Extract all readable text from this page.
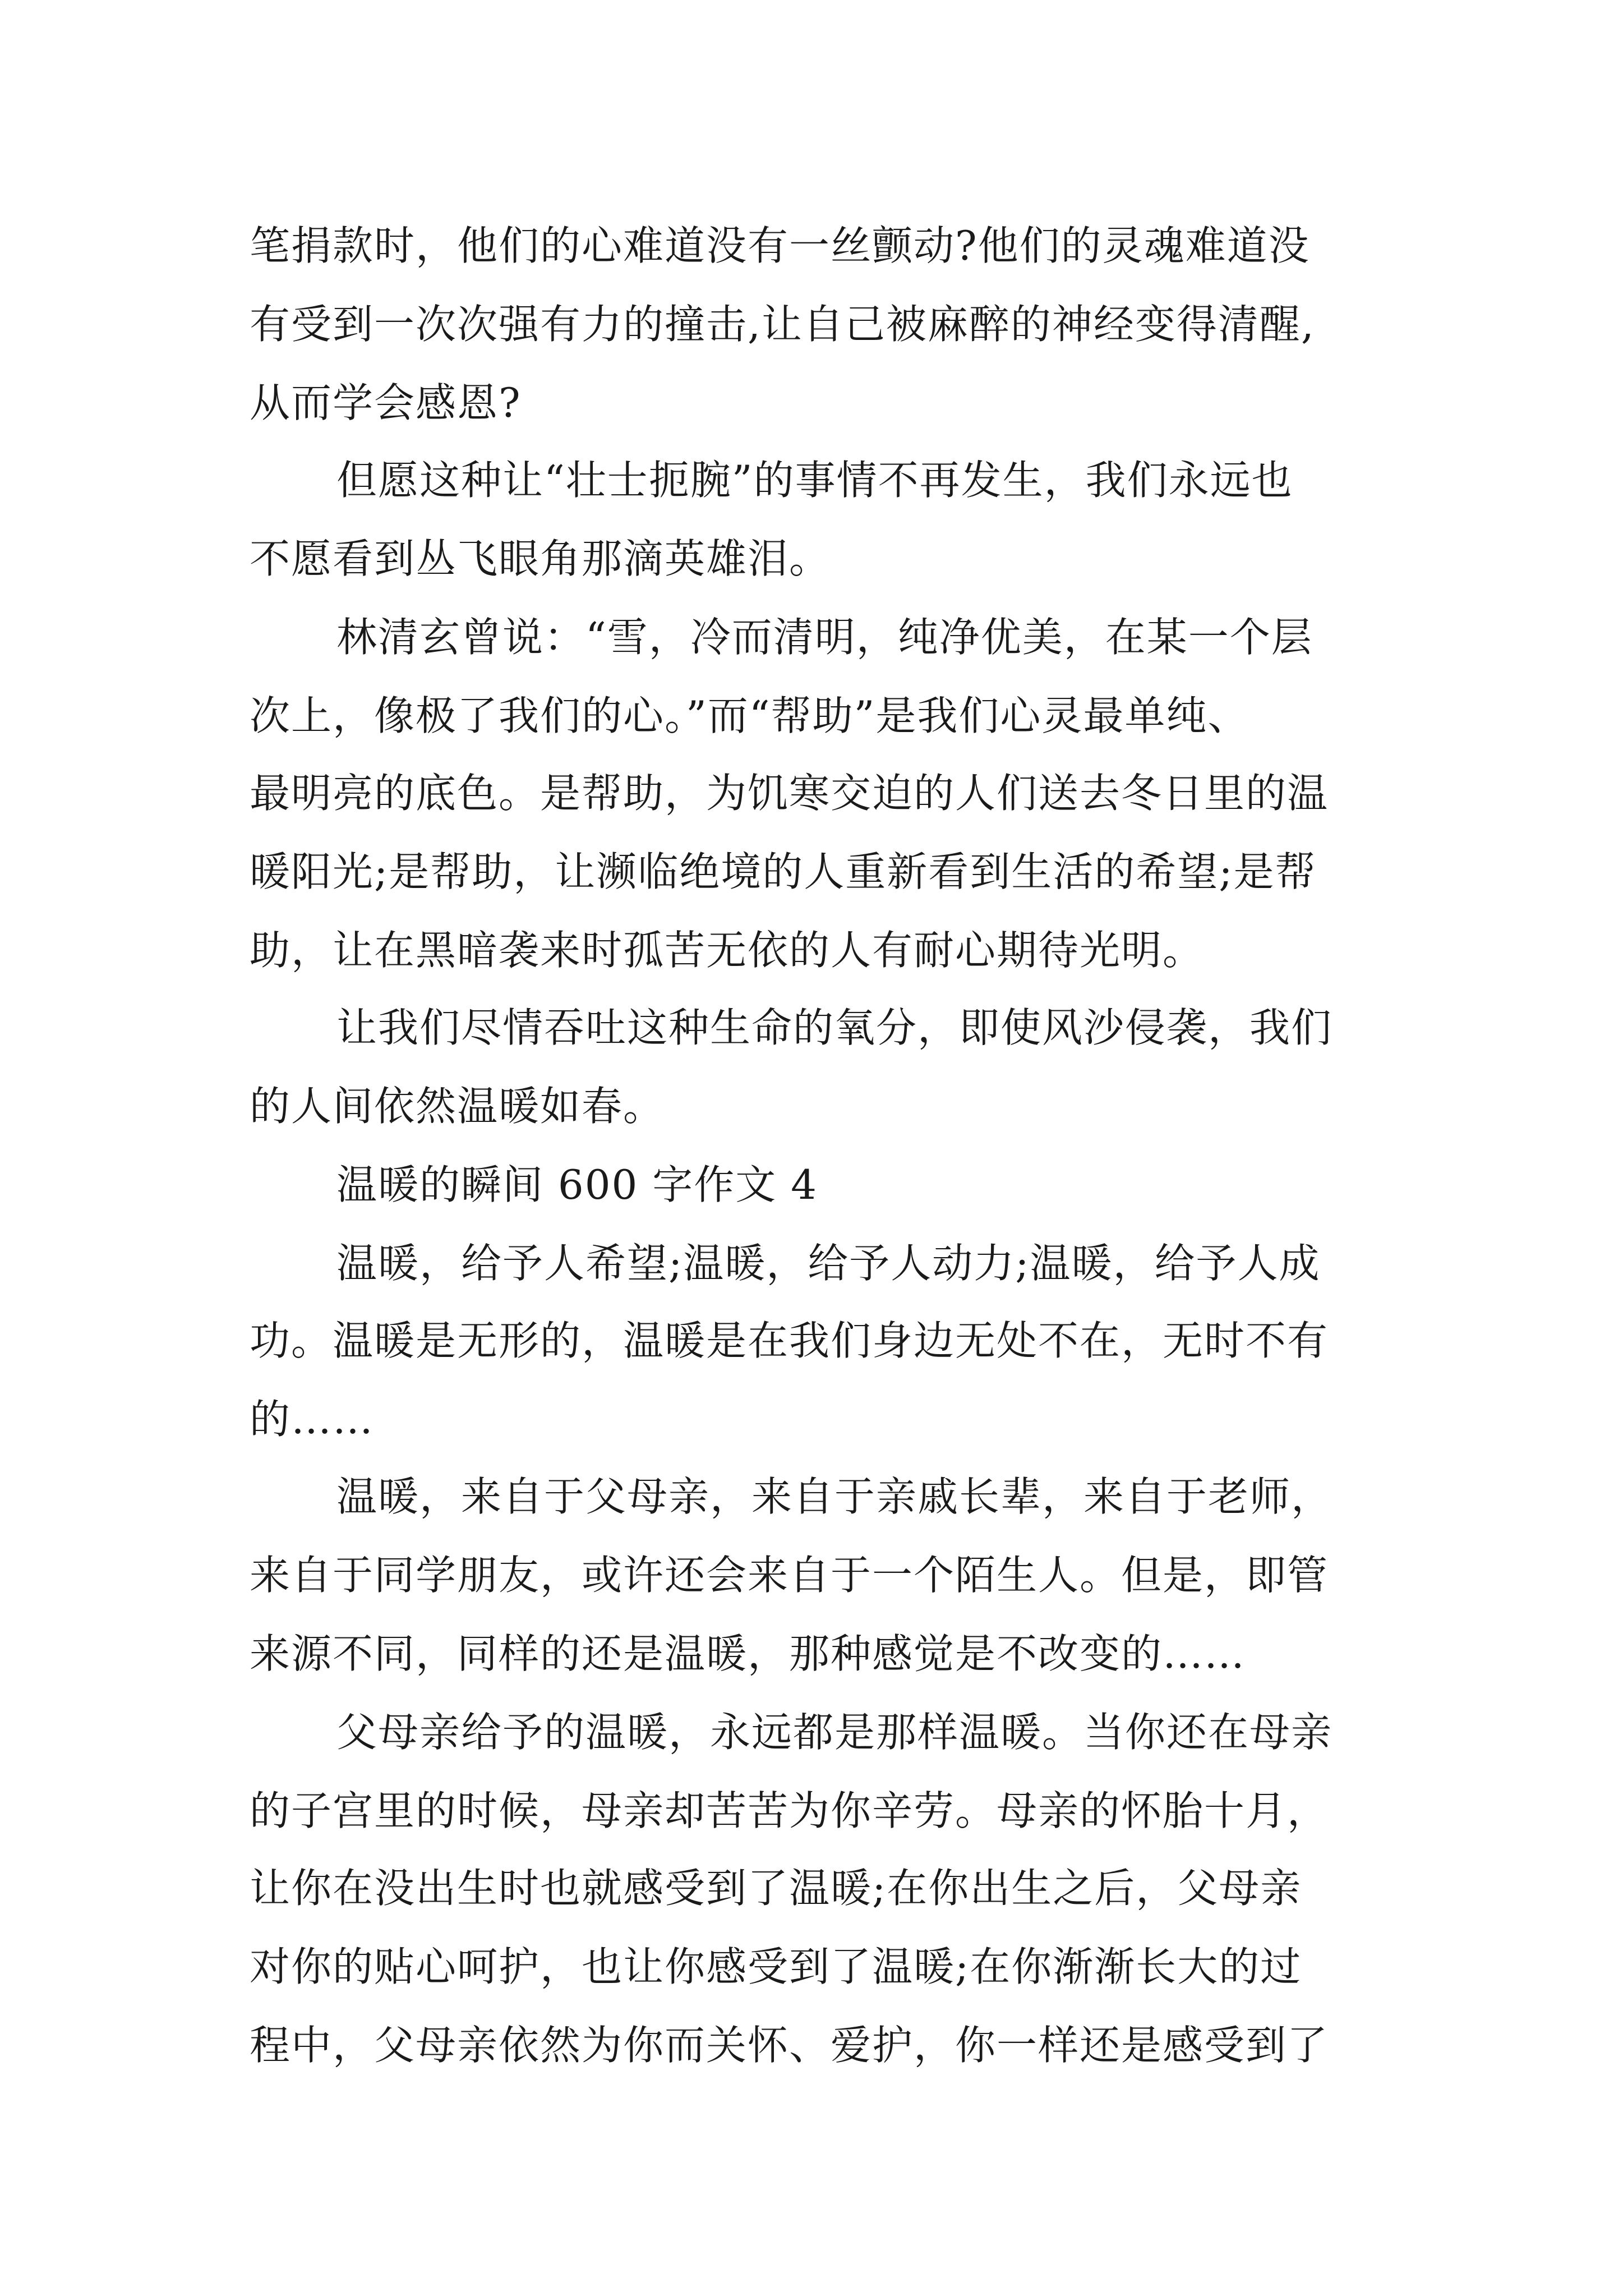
笔捐款时，他们的心难道没有一丝颤动?他们的灵魂难道没
有受到一次次强有力的撞击,让自己被麻醉的神经变得清醒,
从而学会感恩?
但愿这种让“壮士扼腕”的事情不再发生，我们永远也
不愿看到丛飞眼角那滴英雄泪。
林清玄曾说：“雪，冷而清明，纯净优美，在某一个层
次上，像极了我们的心。”而“帮助”是我们心灵最单纯、
最明亮的底色。是帮助，为饥寒交迫的人们送去冬日里的温
暖阳光;是帮助，让濒临绝境的人重新看到生活的希望;是帮
助，让在黑暗袭来时孤苦无依的人有耐心期待光明。
让我们尽情吞吐这种生命的氧分，即使风沙侵袭，我们
的人间依然温暖如春。
温暖的瞬间 600 字作文 4
温暖，给予人希望;温暖，给予人动力;温暖，给予人成
功。温暖是无形的，温暖是在我们身边无处不在，无时不有
的……
温暖，来自于父母亲，来自于亲戚长辈，来自于老师，
来自于同学朋友，或许还会来自于一个陌生人。但是，即管
来源不同，同样的还是温暖，那种感觉是不改变的……
父母亲给予的温暖，永远都是那样温暖。当你还在母亲
的子宫里的时候，母亲却苦苦为你辛劳。母亲的怀胎十月，
让你在没出生时也就感受到了温暖;在你出生之后，父母亲
对你的贴心呵护，也让你感受到了温暖;在你渐渐长大的过
程中，父母亲依然为你而关怀、爱护，你一样还是感受到了
